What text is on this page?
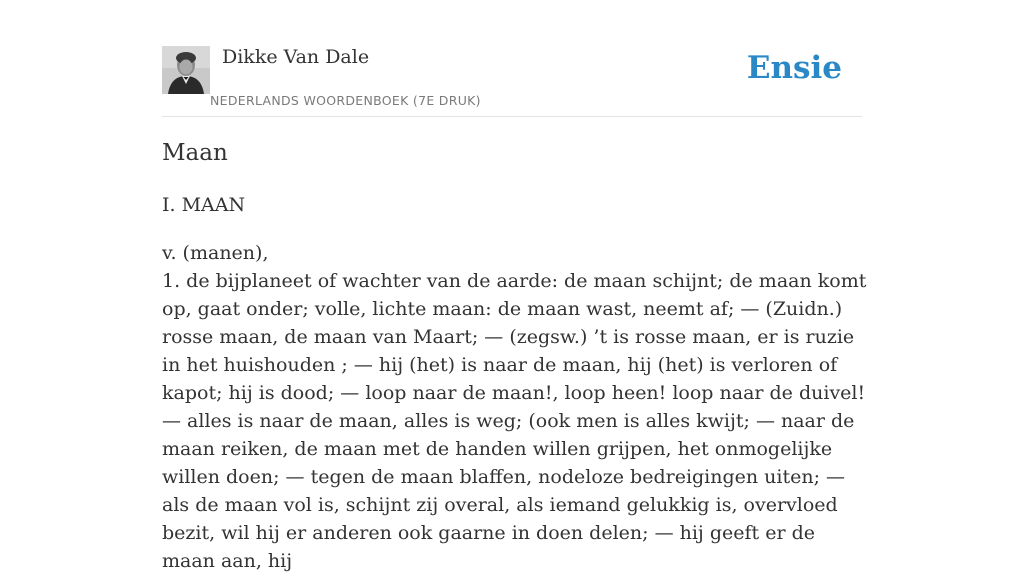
Dikke Van Dale
NEDERLANDS WOORDENBOEK (7E DRUK)
Ensie
Maan
I. MAAN

v. (manen),
1. de bijplaneet of wachter van de aarde: de maan schijnt; de maan komt op, gaat onder; volle, lichte maan: de maan wast, neemt af; — (Zuidn.) rosse maan, de maan van Maart; — (zegsw.) ’t is rosse maan, er is ruzie in het huishouden ; — hij (het) is naar de maan, hij (het) is verloren of kapot; hij is dood; — loop naar de maan!, loop heen! loop naar de duivel! — alles is naar de maan, alles is weg; (ook men is alles kwijt; — naar de maan reiken, de maan met de handen willen grijpen, het onmogelijke willen doen; — tegen de maan blaffen, nodeloze bedreigingen uiten; — als de maan vol is, schijnt zij overal, als iemand gelukkig is, overvloed bezit, wil hij er anderen ook gaarne in doen delen; — hij geeft er de maan aan, hij
